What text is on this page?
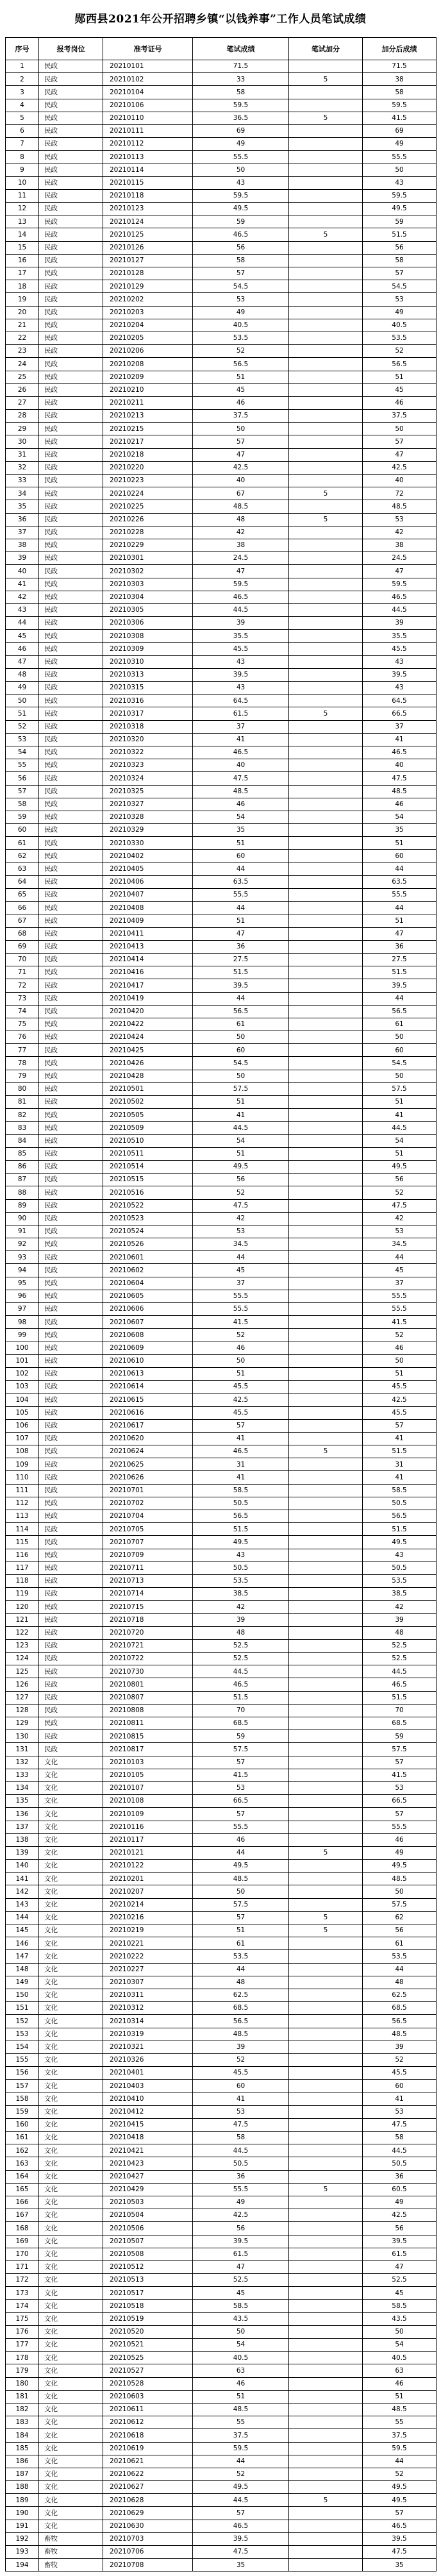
郧西县2021年公开招聘乡镇“以钱养事”工作人员笔试成绩
序号	报考岗位	准考证号	笔试成绩	笔试加分	加分后成绩
1	民政	20210101	71.5		71.5
2	民政	20210102	33	5	38
3	民政	20210104	58		58
4	民政	20210106	59.5		59.5
5	民政	20210110	36.5	5	41.5
6	民政	20210111	69		69
7	民政	20210112	49		49
8	民政	20210113	55.5		55.5
9	民政	20210114	50		50
10	民政	20210115	43		43
11	民政	20210118	59.5		59.5
12	民政	20210123	49.5		49.5
13	民政	20210124	59		59
14	民政	20210125	46.5	5	51.5
15	民政	20210126	56		56
16	民政	20210127	58		58
17	民政	20210128	57		57
18	民政	20210129	54.5		54.5
19	民政	20210202	53		53
20	民政	20210203	49		49
21	民政	20210204	40.5		40.5
22	民政	20210205	53.5		53.5
23	民政	20210206	52		52
24	民政	20210208	56.5		56.5
25	民政	20210209	51		51
26	民政	20210210	45		45
27	民政	20210211	46		46
28	民政	20210213	37.5		37.5
29	民政	20210215	50		50
30	民政	20210217	57		57
31	民政	20210218	47		47
32	民政	20210220	42.5		42.5
33	民政	20210223	40		40
34	民政	20210224	67	5	72
35	民政	20210225	48.5		48.5
36	民政	20210226	48	5	53
37	民政	20210228	42		42
38	民政	20210229	38		38
39	民政	20210301	24.5		24.5
40	民政	20210302	47		47
41	民政	20210303	59.5		59.5
42	民政	20210304	46.5		46.5
43	民政	20210305	44.5		44.5
44	民政	20210306	39		39
45	民政	20210308	35.5		35.5
46	民政	20210309	45.5		45.5
47	民政	20210310	43		43
48	民政	20210313	39.5		39.5
49	民政	20210315	43		43
50	民政	20210316	64.5		64.5
51	民政	20210317	61.5	5	66.5
52	民政	20210318	37		37
53	民政	20210320	41		41
54	民政	20210322	46.5		46.5
55	民政	20210323	40		40
56	民政	20210324	47.5		47.5
57	民政	20210325	48.5		48.5
58	民政	20210327	46		46
59	民政	20210328	54		54
60	民政	20210329	35		35
61	民政	20210330	51		51
62	民政	20210402	60		60
63	民政	20210405	44		44
64	民政	20210406	63.5		63.5
65	民政	20210407	55.5		55.5
66	民政	20210408	44		44
67	民政	20210409	51		51
68	民政	20210411	47		47
69	民政	20210413	36		36
70	民政	20210414	27.5		27.5
71	民政	20210416	51.5		51.5
72	民政	20210417	39.5		39.5
73	民政	20210419	44		44
74	民政	20210420	56.5		56.5
75	民政	20210422	61		61
76	民政	20210424	50		50
77	民政	20210425	60		60
78	民政	20210426	54.5		54.5
79	民政	20210428	50		50
80	民政	20210501	57.5		57.5
81	民政	20210502	51		51
82	民政	20210505	41		41
83	民政	20210509	44.5		44.5
84	民政	20210510	54		54
85	民政	20210511	51		51
86	民政	20210514	49.5		49.5
87	民政	20210515	56		56
88	民政	20210516	52		52
89	民政	20210522	47.5		47.5
90	民政	20210523	42		42
91	民政	20210524	53		53
92	民政	20210526	34.5		34.5
93	民政	20210601	44		44
94	民政	20210602	45		45
95	民政	20210604	37		37
96	民政	20210605	55.5		55.5
97	民政	20210606	55.5		55.5
98	民政	20210607	41.5		41.5
99	民政	20210608	52		52
100	民政	20210609	46		46
101	民政	20210610	50		50
102	民政	20210613	51		51
103	民政	20210614	45.5		45.5
104	民政	20210615	42.5		42.5
105	民政	20210616	45.5		45.5
106	民政	20210617	57		57
107	民政	20210620	41		41
108	民政	20210624	46.5	5	51.5
109	民政	20210625	31		31
110	民政	20210626	41		41
111	民政	20210701	58.5		58.5
112	民政	20210702	50.5		50.5
113	民政	20210704	56.5		56.5
114	民政	20210705	51.5		51.5
115	民政	20210707	49.5		49.5
116	民政	20210709	43		43
117	民政	20210711	50.5		50.5
118	民政	20210713	53.5		53.5
119	民政	20210714	38.5		38.5
120	民政	20210715	42		42
121	民政	20210718	39		39
122	民政	20210720	48		48
123	民政	20210721	52.5		52.5
124	民政	20210722	52.5		52.5
125	民政	20210730	44.5		44.5
126	民政	20210801	46.5		46.5
127	民政	20210807	51.5		51.5
128	民政	20210808	70		70
129	民政	20210811	68.5		68.5
130	民政	20210815	59		59
131	民政	20210817	57.5		57.5
132	文化	20210103	57		57
133	文化	20210105	41.5		41.5
134	文化	20210107	53		53
135	文化	20210108	66.5		66.5
136	文化	20210109	57		57
137	文化	20210116	55.5		55.5
138	文化	20210117	46		46
139	文化	20210121	44	5	49
140	文化	20210122	49.5		49.5
141	文化	20210201	48.5		48.5
142	文化	20210207	50		50
143	文化	20210214	57.5		57.5
144	文化	20210216	57	5	62
145	文化	20210219	51	5	56
146	文化	20210221	61		61
147	文化	20210222	53.5		53.5
148	文化	20210227	44		44
149	文化	20210307	48		48
150	文化	20210311	62.5		62.5
151	文化	20210312	68.5		68.5
152	文化	20210314	56.5		56.5
153	文化	20210319	48.5		48.5
154	文化	20210321	39		39
155	文化	20210326	52		52
156	文化	20210401	45.5		45.5
157	文化	20210403	60		60
158	文化	20210410	41		41
159	文化	20210412	53		53
160	文化	20210415	47.5		47.5
161	文化	20210418	58		58
162	文化	20210421	44.5		44.5
163	文化	20210423	50.5		50.5
164	文化	20210427	36		36
165	文化	20210429	55.5	5	60.5
166	文化	20210503	49		49
167	文化	20210504	42.5		42.5
168	文化	20210506	56		56
169	文化	20210507	39.5		39.5
170	文化	20210508	61.5		61.5
171	文化	20210512	47		47
172	文化	20210513	52.5		52.5
173	文化	20210517	45		45
174	文化	20210518	58.5		58.5
175	文化	20210519	43.5		43.5
176	文化	20210520	50		50
177	文化	20210521	54		54
178	文化	20210525	40.5		40.5
179	文化	20210527	63		63
180	文化	20210528	46		46
181	文化	20210603	51		51
182	文化	20210611	48.5		48.5
183	文化	20210612	55		55
184	文化	20210618	37.5		37.5
185	文化	20210619	59.5		59.5
186	文化	20210621	44		44
187	文化	20210622	52		52
188	文化	20210627	49.5		49.5
189	文化	20210628	44.5	5	49.5
190	文化	20210629	57		57
191	文化	20210630	46.5		46.5
192	畜牧	20210703	39.5		39.5
193	畜牧	20210706	47.5		47.5
194	畜牧	20210708	35		35
